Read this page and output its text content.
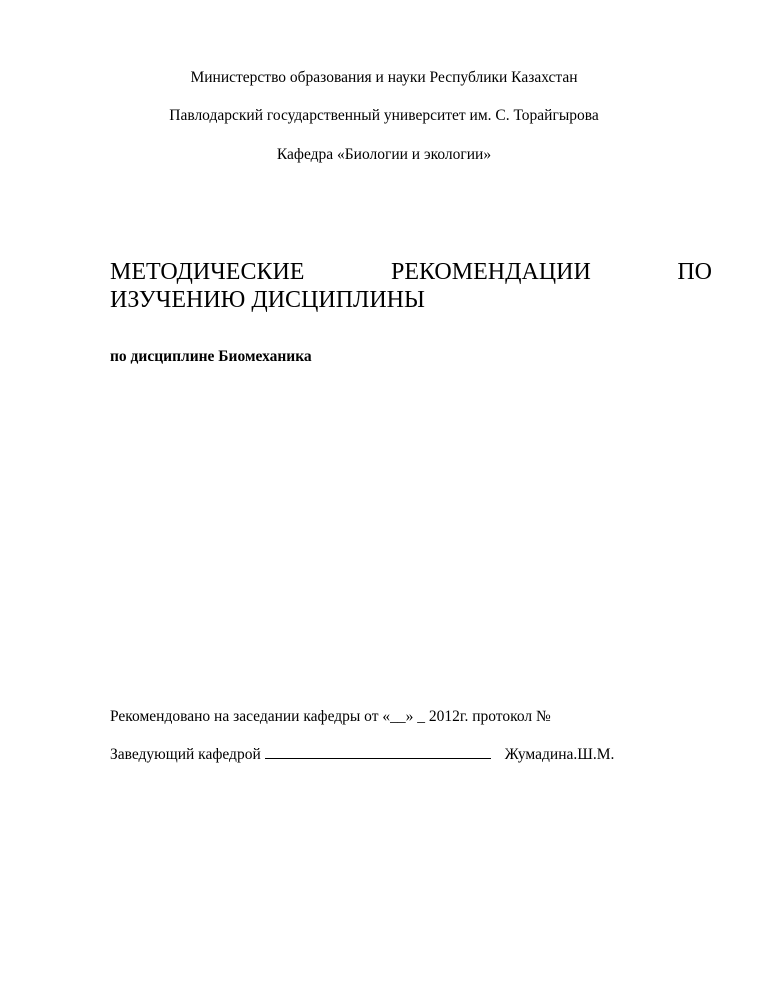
Министерство образования и науки Республики Казахстан
Павлодарский государственный университет им. С. Торайгырова
Кафедра «Биологии и экологии»
МЕТОДИЧЕСКИЕ	РЕКОМЕНДАЦИИ	ПО
ИЗУЧЕНИЮ ДИСЦИПЛИНЫ
по дисциплине Биомеханика
Рекомендовано на заседании кафедры от «__» _ 2012г. протокол №
Заведующий кафедрой	Жумадина.Ш.М.
